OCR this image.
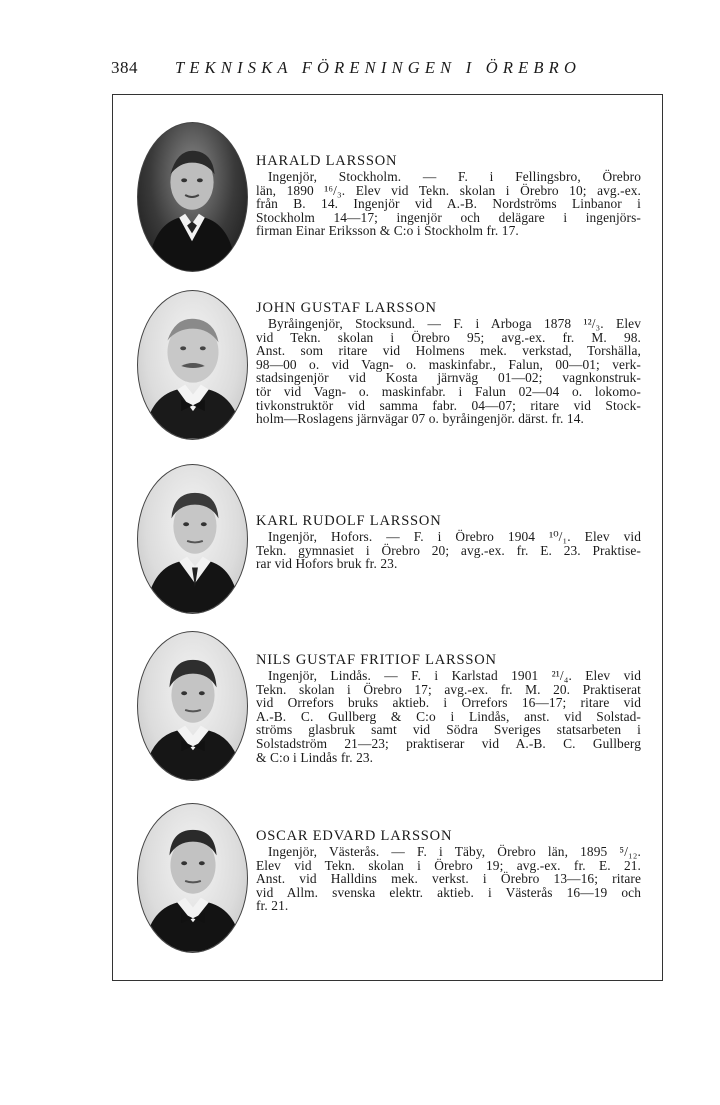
384 TEKNISKA FÖRENINGEN I ÖREBRO
HARALD LARSSON
Ingenjör, Stockholm. — F. i Fellingsbro, Örebro
län, 1890 ¹⁶/₃. Elev vid Tekn. skolan i Örebro 10; avg.-ex.
från B. 14. Ingenjör vid A.-B. Nordströms Linbanor i
Stockholm 14—17; ingenjör och delägare i ingenjörs-
firman Einar Eriksson & C:o i Stockholm fr. 17.
JOHN GUSTAF LARSSON
Byråingenjör, Stocksund. — F. i Arboga 1878 ¹²/₃. Elev
vid Tekn. skolan i Örebro 95; avg.-ex. fr. M. 98.
Anst. som ritare vid Holmens mek. verkstad, Torshälla,
98—00 o. vid Vagn- o. maskinfabr., Falun, 00—01; verk-
stadsingenjör vid Kosta järnväg 01—02; vagnkonstruk-
tör vid Vagn- o. maskinfabr. i Falun 02—04 o. lokomo-
tivkonstruktör vid samma fabr. 04—07; ritare vid Stock-
holm—Roslagens järnvägar 07 o. byråingenjör. därst. fr. 14.
KARL RUDOLF LARSSON
Ingenjör, Hofors. — F. i Örebro 1904 ¹⁰/₁. Elev vid
Tekn. gymnasiet i Örebro 20; avg.-ex. fr. E. 23. Praktise-
rar vid Hofors bruk fr. 23.
NILS GUSTAF FRITIOF LARSSON
Ingenjör, Lindås. — F. i Karlstad 1901 ²¹/₄. Elev vid
Tekn. skolan i Örebro 17; avg.-ex. fr. M. 20. Praktiserat
vid Orrefors bruks aktieb. i Orrefors 16—17; ritare vid
A.-B. C. Gullberg & C:o i Lindås, anst. vid Solstad-
ströms glasbruk samt vid Södra Sveriges statsarbeten i
Solstadström 21—23; praktiserar vid A.-B. C. Gullberg
& C:o i Lindås fr. 23.
OSCAR EDVARD LARSSON
Ingenjör, Västerås. — F. i Täby, Örebro län, 1895 ⁵/₁₂.
Elev vid Tekn. skolan i Örebro 19; avg.-ex. fr. E. 21.
Anst. vid Halldins mek. verkst. i Örebro 13—16; ritare
vid Allm. svenska elektr. aktieb. i Västerås 16—19 och
fr. 21.
